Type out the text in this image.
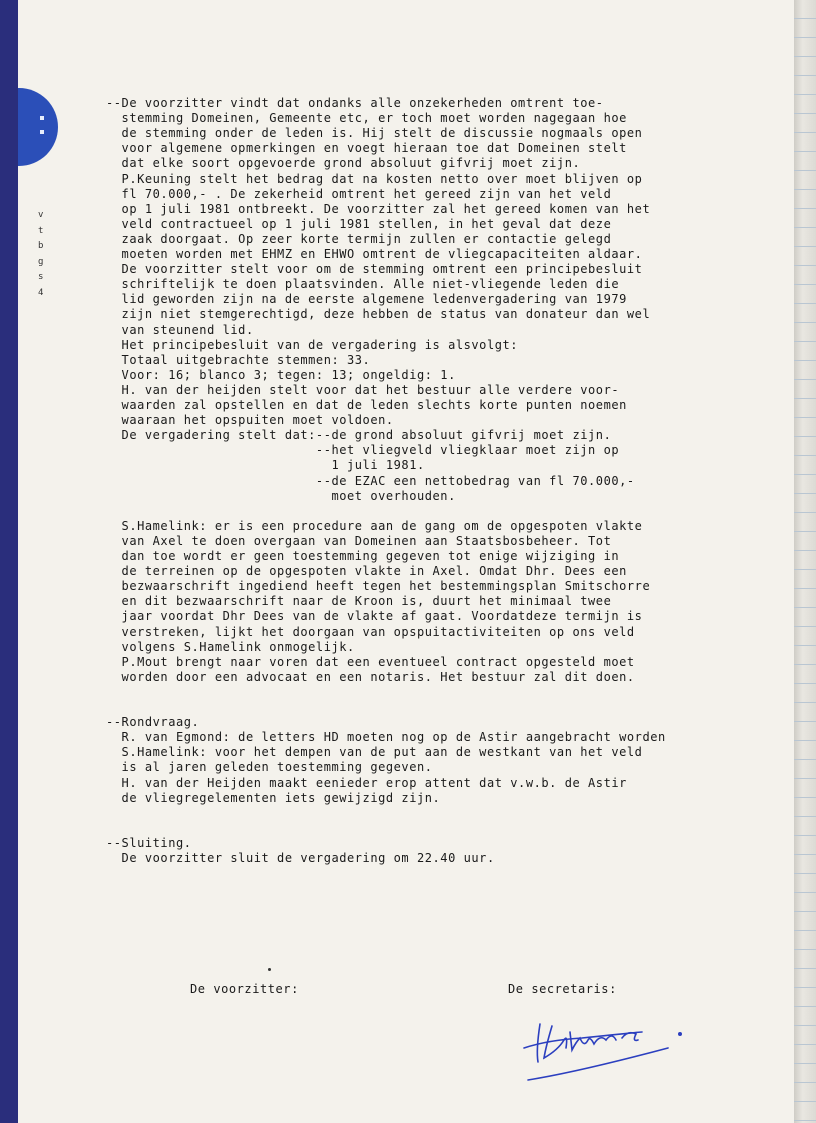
v
t
b
g
s
4
--De voorzitter vindt dat ondanks alle onzekerheden omtrent toe-
stemming Domeinen, Gemeente etc, er toch moet worden nagegaan hoe
de stemming onder de leden is. Hij stelt de discussie nogmaals open
voor algemene opmerkingen en voegt hieraan toe dat Domeinen stelt
dat elke soort opgevoerde grond absoluut gifvrij moet zijn.
P.Keuning stelt het bedrag dat na kosten netto over moet blijven op
fl 70.000,- . De zekerheid omtrent het gereed zijn van het veld
op 1 juli 1981 ontbreekt. De voorzitter zal het gereed komen van het
veld contractueel op 1 juli 1981 stellen, in het geval dat deze
zaak doorgaat. Op zeer korte termijn zullen er contactie gelegd
moeten worden met EHMZ en EHWO omtrent de vliegcapaciteiten aldaar.
De voorzitter stelt voor om de stemming omtrent een principebesluit
schriftelijk te doen plaatsvinden. Alle niet-vliegende leden die
lid geworden zijn na de eerste algemene ledenvergadering van 1979
zijn niet stemgerechtigd, deze hebben de status van donateur dan wel
van steunend lid.
Het principebesluit van de vergadering is alsvolgt:
Totaal uitgebrachte stemmen: 33.
Voor: 16; blanco 3; tegen: 13; ongeldig: 1.
H. van der heijden stelt voor dat het bestuur alle verdere voor-
waarden zal opstellen en dat de leden slechts korte punten noemen
waaraan het opspuiten moet voldoen.
De vergadering stelt dat:--de grond absoluut gifvrij moet zijn.
--het vliegveld vliegklaar moet zijn op
1 juli 1981.
--de EZAC een nettobedrag van fl 70.000,-
moet overhouden.
S.Hamelink: er is een procedure aan de gang om de opgespoten vlakte
van Axel te doen overgaan van Domeinen aan Staatsbosbeheer. Tot
dan toe wordt er geen toestemming gegeven tot enige wijziging in
de terreinen op de opgespoten vlakte in Axel. Omdat Dhr. Dees een
bezwaarschrift ingediend heeft tegen het bestemmingsplan Smitschorre
en dit bezwaarschrift naar de Kroon is, duurt het minimaal twee
jaar voordat Dhr Dees van de vlakte af gaat. Voordatdeze termijn is
verstreken, lijkt het doorgaan van opspuitactiviteiten op ons veld
volgens S.Hamelink onmogelijk.
P.Mout brengt naar voren dat een eventueel contract opgesteld moet
worden door een advocaat en een notaris. Het bestuur zal dit doen.
--Rondvraag.
R. van Egmond: de letters HD moeten nog op de Astir aangebracht worden
S.Hamelink: voor het dempen van de put aan de westkant van het veld
is al jaren geleden toestemming gegeven.
H. van der Heijden maakt eenieder erop attent dat v.w.b. de Astir
de vliegregelementen iets gewijzigd zijn.
--Sluiting.
De voorzitter sluit de vergadering om 22.40 uur.
De voorzitter:	De secretaris:
